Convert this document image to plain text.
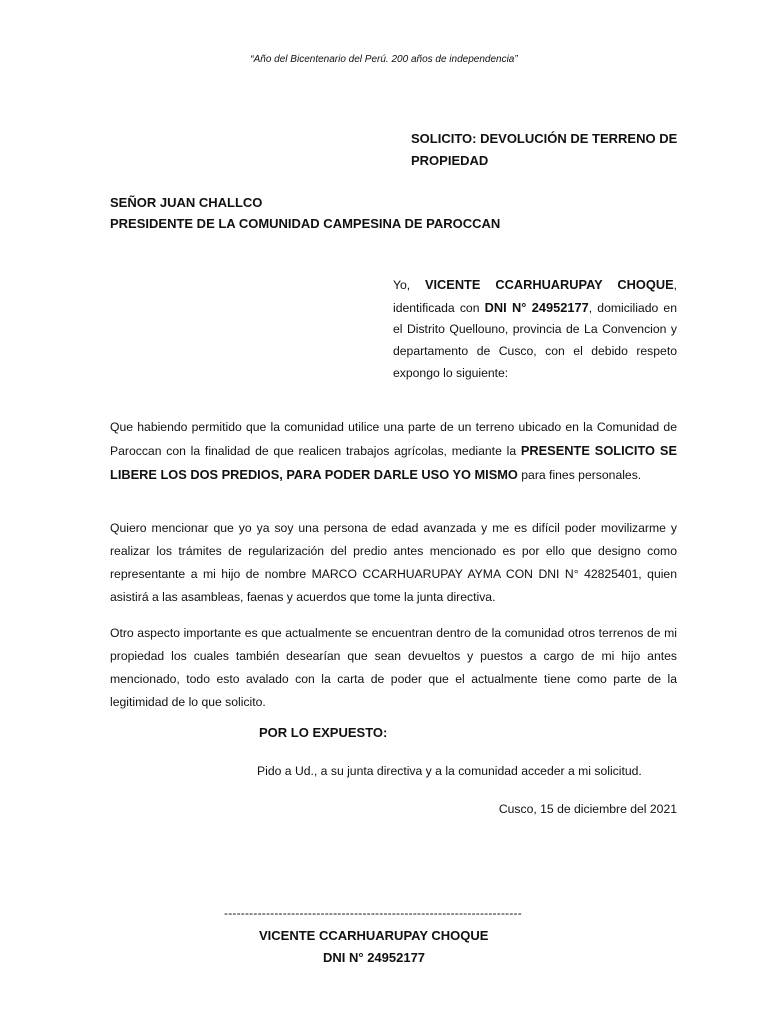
“Año del Bicentenario del Perú. 200 años de independencia”
SOLICITO: DEVOLUCIÓN DE TERRENO DE
PROPIEDAD
SEÑOR JUAN CHALLCO
PRESIDENTE DE LA COMUNIDAD CAMPESINA DE PAROCCAN
Yo, VICENTE CCARHUARUPAY CHOQUE, identificada con DNI N° 24952177, domiciliado en el Distrito Quellouno, provincia de La Convencion y departamento de Cusco, con el debido respeto expongo lo siguiente:
Que habiendo permitido que la comunidad utilice una parte de un terreno ubicado en la Comunidad de Paroccan con la finalidad de que realicen trabajos agrícolas, mediante la PRESENTE SOLICITO SE LIBERE LOS DOS PREDIOS, PARA PODER DARLE USO YO MISMO para fines personales.
Quiero mencionar que yo ya soy una persona de edad avanzada y me es difícil poder movilizarme y realizar los trámites de regularización del predio antes mencionado es por ello que designo como representante a mi hijo de nombre MARCO CCARHUARUPAY AYMA CON DNI N° 42825401, quien asistirá a las asambleas, faenas y acuerdos que tome la junta directiva.
Otro aspecto importante es que actualmente se encuentran dentro de la comunidad otros terrenos de mi propiedad los cuales también desearían que sean devueltos y puestos a cargo de mi hijo antes mencionado, todo esto avalado con la carta de poder que el actualmente tiene como parte de la legitimidad de lo que solicito.
POR LO EXPUESTO:
Pido a Ud., a su junta directiva y a la comunidad acceder a mi solicitud.
Cusco, 15 de diciembre del 2021
-----------------------------------------------------------------------
VICENTE CCARHUARUPAY CHOQUE
DNI N° 24952177
